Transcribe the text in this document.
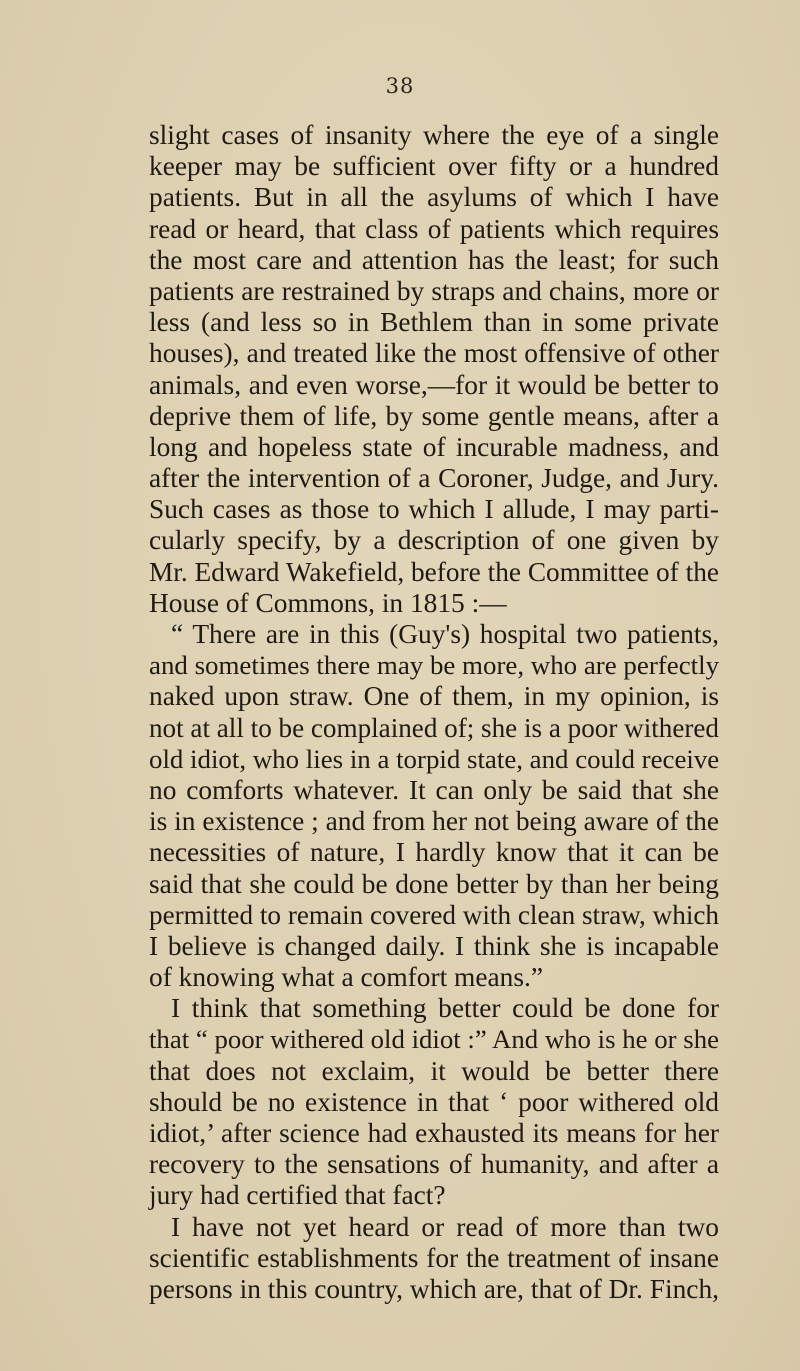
38
slight cases of insanity where the eye of a single
keeper may be sufficient over fifty or a hundred
patients. But in all the asylums of which I have
read or heard, that class of patients which requires
the most care and attention has the least; for such
patients are restrained by straps and chains, more or
less (and less so in Bethlem than in some private
houses), and treated like the most offensive of other
animals, and even worse,—for it would be better to
deprive them of life, by some gentle means, after a
long and hopeless state of incurable madness, and
after the intervention of a Coroner, Judge, and Jury.
Such cases as those to which I allude, I may parti-
cularly specify, by a description of one given by
Mr. Edward Wakefield, before the Committee of the
House of Commons, in 1815 :—
“ There are in this (Guy's) hospital two patients,
and sometimes there may be more, who are perfectly
naked upon straw. One of them, in my opinion, is
not at all to be complained of; she is a poor withered
old idiot, who lies in a torpid state, and could receive
no comforts whatever. It can only be said that she
is in existence ; and from her not being aware of the
necessities of nature, I hardly know that it can be
said that she could be done better by than her being
permitted to remain covered with clean straw, which
I believe is changed daily. I think she is incapable
of knowing what a comfort means.”
I think that something better could be done for
that “ poor withered old idiot :” And who is he or she
that does not exclaim, it would be better there
should be no existence in that ‘ poor withered old
idiot,’ after science had exhausted its means for her
recovery to the sensations of humanity, and after a
jury had certified that fact?
I have not yet heard or read of more than two
scientific establishments for the treatment of insane
persons in this country, which are, that of Dr. Finch,
